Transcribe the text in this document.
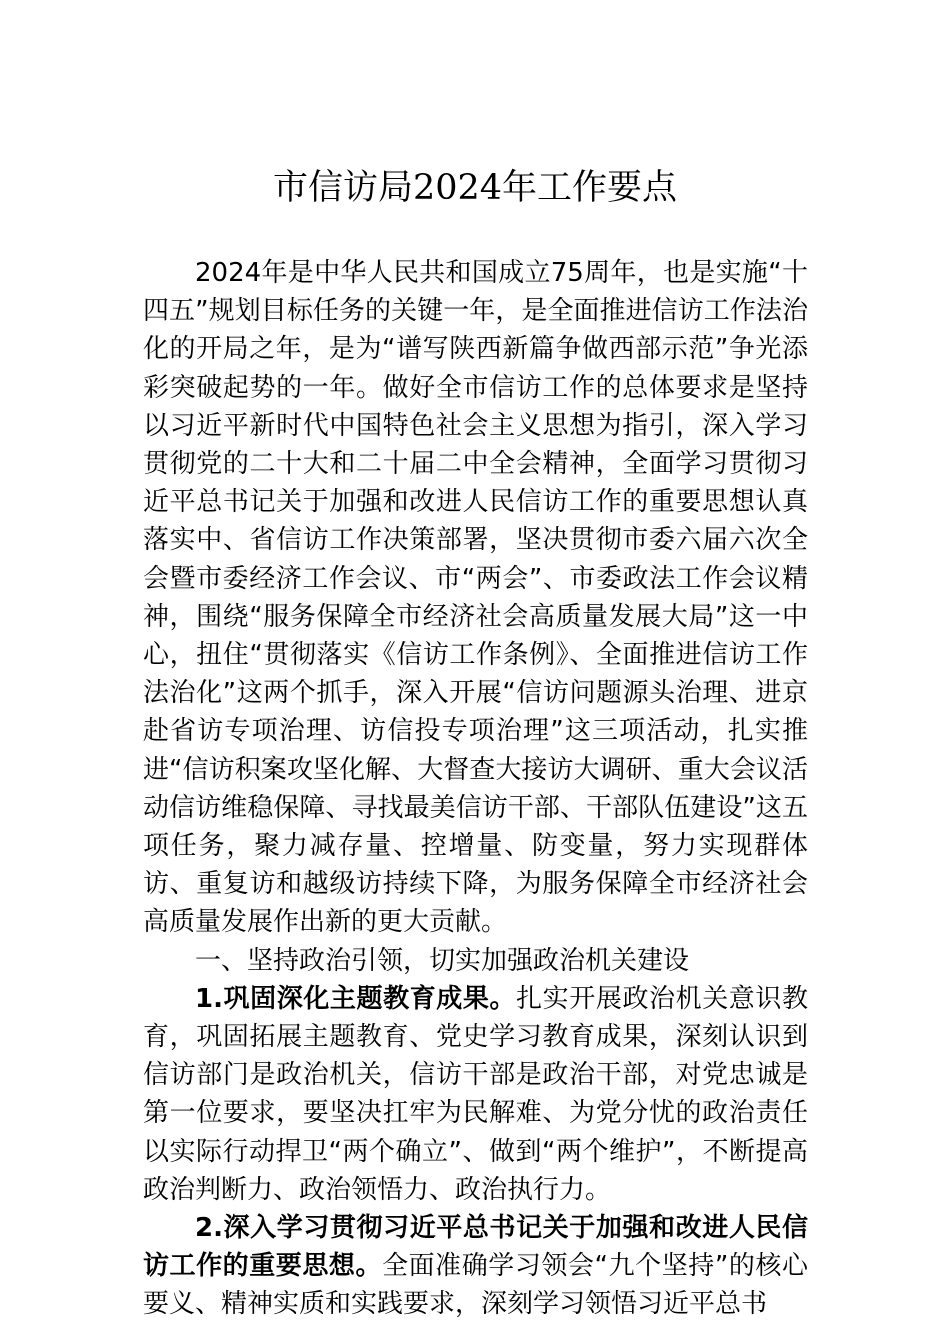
市信访局2024年工作要点

2024年是中华人民共和国成立75周年，也是实施“十四五”规划目标任务的关键一年，是全面推进信访工作法治化的开局之年，是为“谱写陕西新篇争做西部示范”争光添彩突破起势的一年。做好全市信访工作的总体要求是坚持以习近平新时代中国特色社会主义思想为指引，深入学习贯彻党的二十大和二十届二中全会精神，全面学习贯彻习近平总书记关于加强和改进人民信访工作的重要思想认真落实中、省信访工作决策部署，坚决贯彻市委六届六次全会暨市委经济工作会议、市“两会”、市委政法工作会议精神，围绕“服务保障全市经济社会高质量发展大局”这一中心，扭住“贯彻落实《信访工作条例》、全面推进信访工作法治化”这两个抓手，深入开展“信访问题源头治理、进京赴省访专项治理、访信投专项治理”这三项活动，扎实推进“信访积案攻坚化解、大督查大接访大调研、重大会议活动信访维稳保障、寻找最美信访干部、干部队伍建设”这五项任务，聚力减存量、控增量、防变量，努力实现群体访、重复访和越级访持续下降，为服务保障全市经济社会高质量发展作出新的更大贡献。

一、坚持政治引领，切实加强政治机关建设

1.巩固深化主题教育成果。扎实开展政治机关意识教育，巩固拓展主题教育、党史学习教育成果，深刻认识到信访部门是政治机关，信访干部是政治干部，对党忠诚是第一位要求，要坚决扛牢为民解难、为党分忧的政治责任以实际行动捍卫“两个确立”、做到“两个维护”，不断提高政治判断力、政治领悟力、政治执行力。

2.深入学习贯彻习近平总书记关于加强和改进人民信访工作的重要思想。全面准确学习领会“九个坚持”的核心要义、精神实质和实践要求，深刻学习领悟习近平总书
